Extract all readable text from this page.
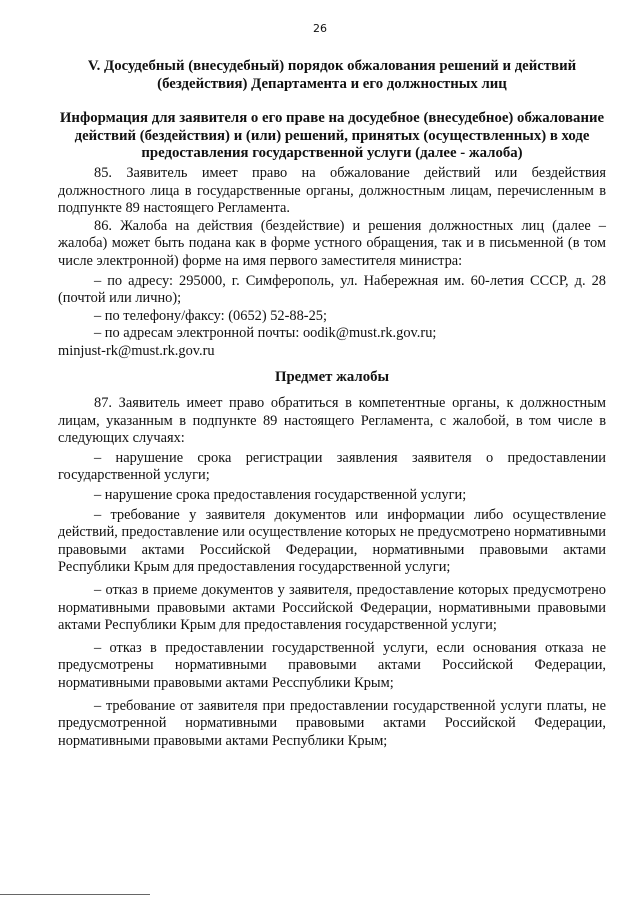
26
V. Досудебный (внесудебный) порядок обжалования решений и действий (бездействия) Департамента и его должностных лиц
Информация для заявителя о его праве на досудебное (внесудебное) обжалование действий (бездействия) и (или) решений, принятых (осуществленных) в ходе предоставления государственной услуги (далее - жалоба)

85. Заявитель имеет право на обжалование действий или бездействия должностного лица в государственные органы, должностным лицам, перечисленным в подпункте 89 настоящего Регламента.

86. Жалоба на действия (бездействие) и решения должностных лиц (далее – жалоба) может быть подана как в форме устного обращения, так и в письменной (в том числе электронной) форме на имя первого заместителя министра:

– по адресу: 295000, г. Симферополь, ул. Набережная им. 60-летия СССР, д. 28 (почтой или лично);

– по телефону/факсу: (0652) 52-88-25;

– по адресам электронной почты: oodik@must.rk.gov.ru;

minjust-rk@must.rk.gov.ru

Предмет жалобы

87. Заявитель имеет право обратиться в компетентные органы, к должностным лицам, указанным в подпункте 89 настоящего Регламента, с жалобой, в том числе в следующих случаях:

– нарушение срока регистрации заявления заявителя о предоставлении государственной услуги;

– нарушение срока предоставления государственной услуги;

– требование у заявителя документов или информации либо осуществление действий, предоставление или осуществление которых не предусмотрено нормативными правовыми актами Российской Федерации, нормативными правовыми актами Республики Крым для предоставления государственной услуги;

– отказ в приеме документов у заявителя, предоставление которых предусмотрено нормативными правовыми актами Российской Федерации, нормативными правовыми актами Республики Крым для предоставления государственной услуги;

– отказ в предоставлении государственной услуги, если основания отказа не предусмотрены нормативными правовыми актами Российской Федерации, нормативными правовыми актами Ресспублики Крым;

– требование от заявителя при предоставлении государственной услуги платы, не предусмотренной нормативными правовыми актами Российской Федерации, нормативными правовыми актами Республики Крым;
